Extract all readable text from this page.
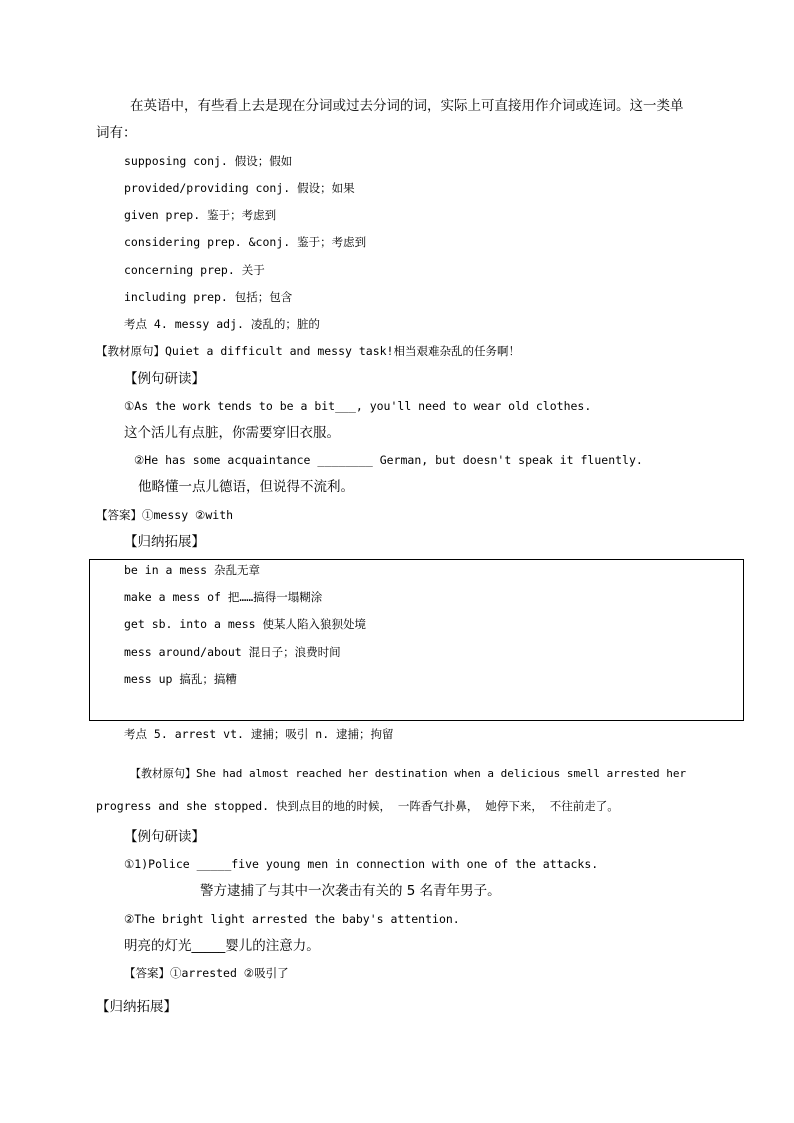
在英语中，有些看上去是现在分词或过去分词的词，实际上可直接用作介词或连词。这一类单
词有：
supposing conj. 假设；假如
provided/providing conj. 假设；如果
given prep. 鉴于；考虑到
considering prep. &conj. 鉴于；考虑到
concerning prep. 关于
including prep. 包括；包含
考点 4. messy adj. 凌乱的；脏的
【教材原句】Quiet a difficult and messy task!相当艰难杂乱的任务啊！
【例句研读】
①As the work tends to be a bit___, you'll need to wear old clothes.
这个活儿有点脏，你需要穿旧衣服。
②He has some acquaintance ________ German, but doesn't speak it fluently.
他略懂一点儿德语，但说得不流利。
【答案】①messy ②with
【归纳拓展】
be in a mess 杂乱无章
make a mess of 把……搞得一塌糊涂
get sb. into a mess 使某人陷入狼狈处境
mess around/about 混日子；浪费时间
mess up 搞乱；搞糟
考点 5. arrest vt. 逮捕；吸引 n. 逮捕；拘留
【教材原句】She had almost reached her destination when a delicious smell arrested her
progress and she stopped. 快到点目的地的时候， 一阵香气扑鼻， 她停下来， 不往前走了。
【例句研读】
①1)Police _____five young men in connection with one of the attacks.
警方逮捕了与其中一次袭击有关的 5 名青年男子。
②The bright light arrested the baby's attention.
明亮的灯光_____婴儿的注意力。
【答案】①arrested ②吸引了
【归纳拓展】
